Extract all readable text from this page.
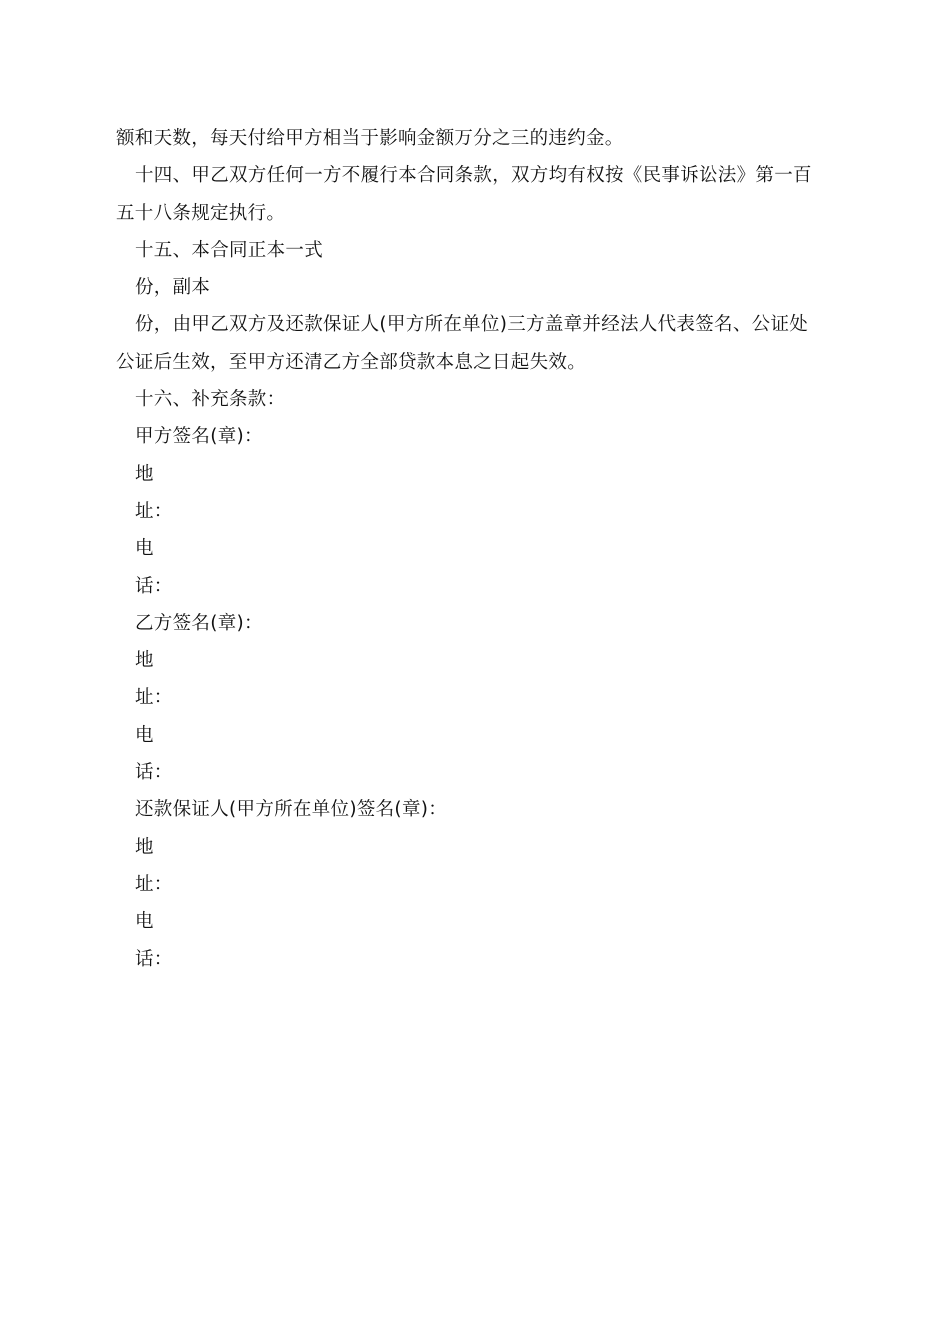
额和天数，每天付给甲方相当于影响金额万分之三的违约金。
十四、甲乙双方任何一方不履行本合同条款，双方均有权按《民事诉讼法》第一百
五十八条规定执行。
十五、本合同正本一式
份，副本
份，由甲乙双方及还款保证人(甲方所在单位)三方盖章并经法人代表签名、公证处
公证后生效，至甲方还清乙方全部贷款本息之日起失效。
十六、补充条款：
甲方签名(章)：
地
址：
电
话：
乙方签名(章)：
地
址：
电
话：
还款保证人(甲方所在单位)签名(章)：
地
址：
电
话：
